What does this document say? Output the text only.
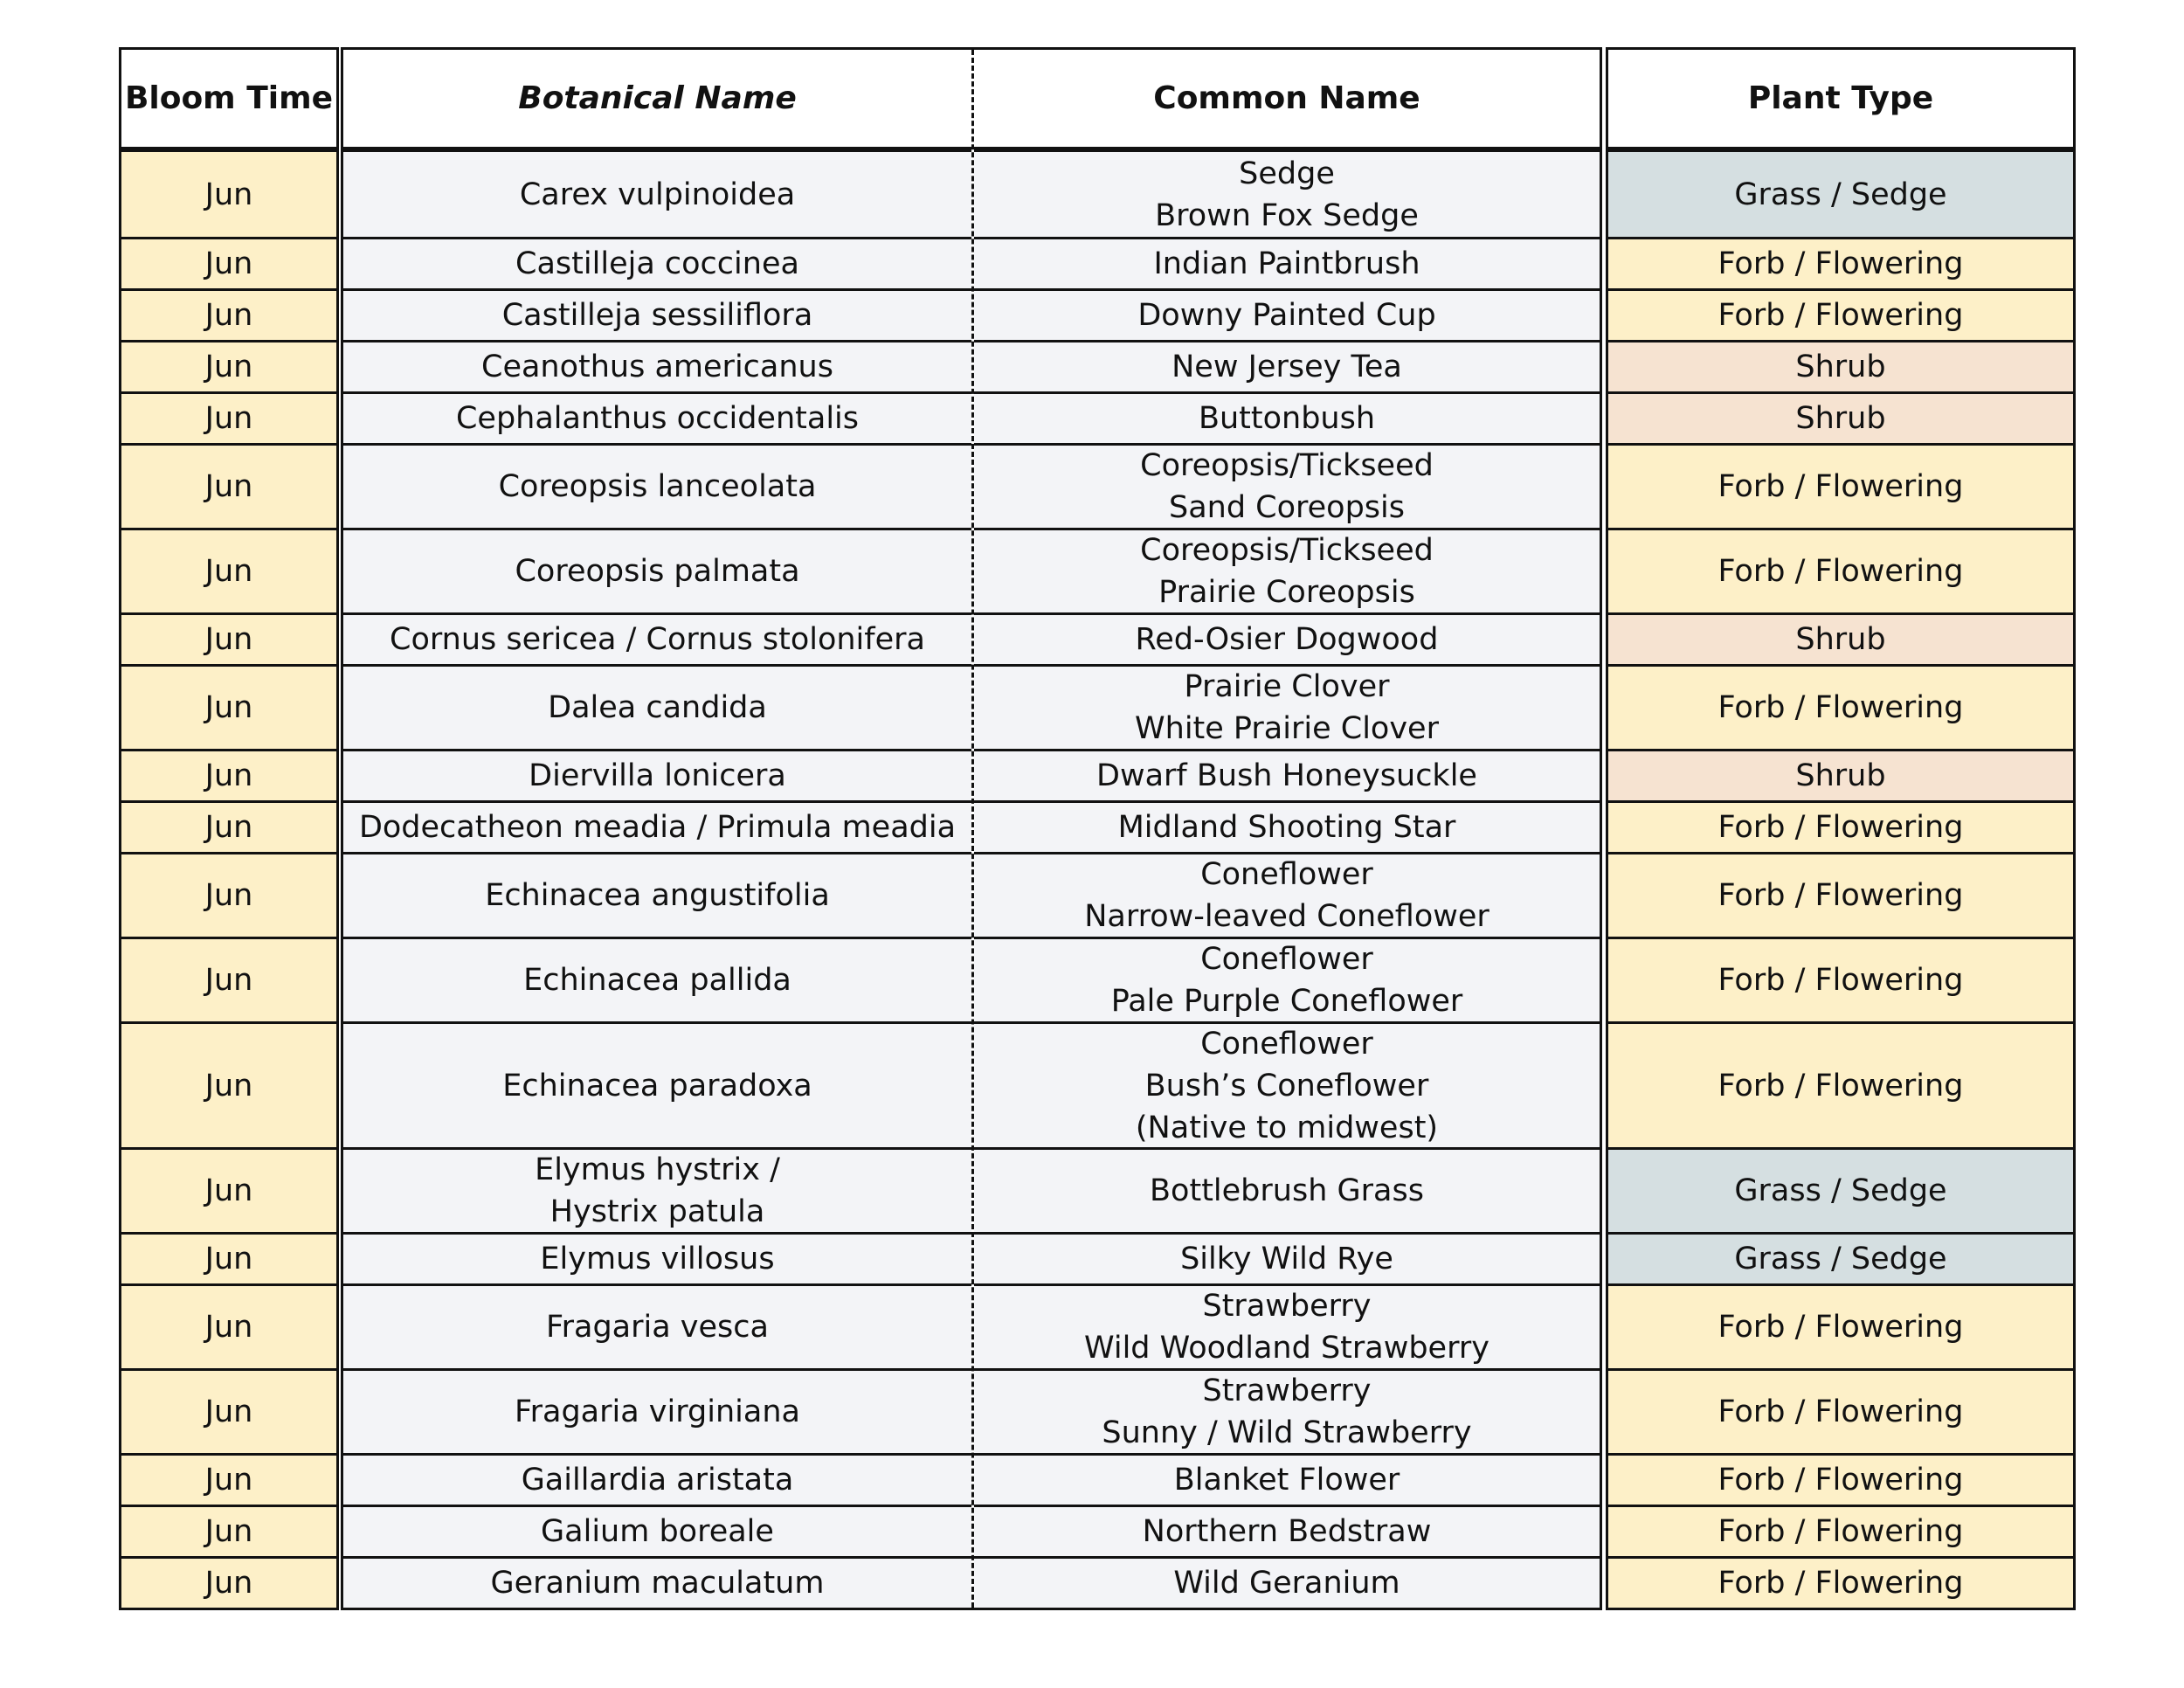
Bloom Time
Jun
Jun
Jun
Jun
Jun
Jun
Jun
Jun
Jun
Jun
Jun
Jun
Jun
Jun
Jun
Jun
Jun
Jun
Jun
Jun
Jun
Botanical Name
Carex vulpinoidea
Castilleja coccinea
Castilleja sessiliflora
Ceanothus americanus
Cephalanthus occidentalis
Coreopsis lanceolata
Coreopsis palmata
Cornus sericea / Cornus stolonifera
Dalea candida
Diervilla lonicera
Dodecatheon meadia / Primula meadia
Echinacea angustifolia
Echinacea pallida
Echinacea paradoxa
Elymus hystrix /
Hystrix patula
Elymus villosus
Fragaria vesca
Fragaria virginiana
Gaillardia aristata
Galium boreale
Geranium maculatum
Common Name
Sedge
Brown Fox Sedge
Indian Paintbrush
Downy Painted Cup
New Jersey Tea
Buttonbush
Coreopsis/Tickseed
Sand Coreopsis
Coreopsis/Tickseed
Prairie Coreopsis
Red-Osier Dogwood
Prairie Clover
White Prairie Clover
Dwarf Bush Honeysuckle
Midland Shooting Star
Coneflower
Narrow-leaved Coneflower
Coneflower
Pale Purple Coneflower
Coneflower
Bush’s Coneflower
(Native to midwest)
Bottlebrush Grass
Silky Wild Rye
Strawberry
Wild Woodland Strawberry
Strawberry
Sunny / Wild Strawberry
Blanket Flower
Northern Bedstraw
Wild Geranium
Plant Type
Grass / Sedge
Forb / Flowering
Forb / Flowering
Shrub
Shrub
Forb / Flowering
Forb / Flowering
Shrub
Forb / Flowering
Shrub
Forb / Flowering
Forb / Flowering
Forb / Flowering
Forb / Flowering
Grass / Sedge
Grass / Sedge
Forb / Flowering
Forb / Flowering
Forb / Flowering
Forb / Flowering
Forb / Flowering
